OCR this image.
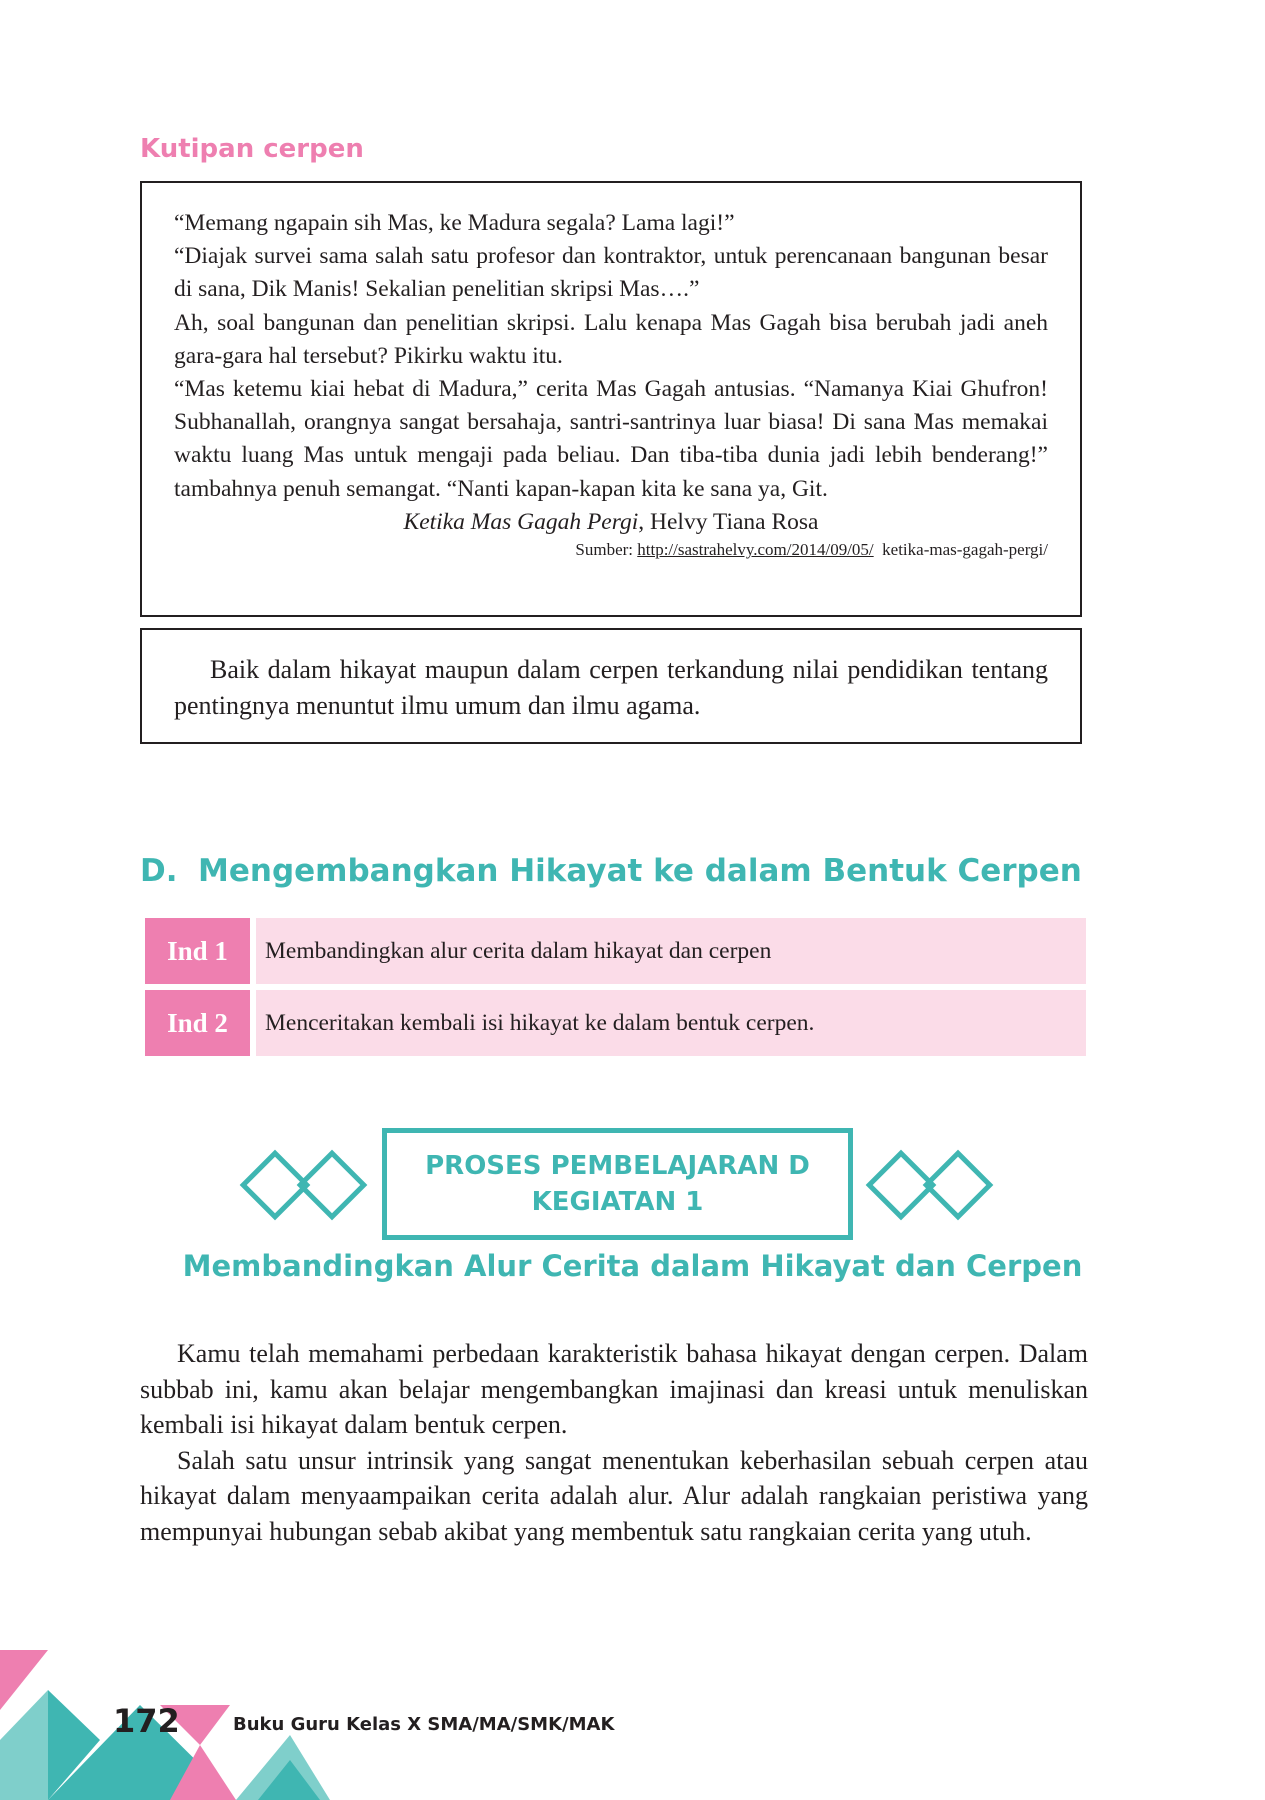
Kutipan cerpen

“Memang ngapain sih Mas, ke Madura segala? Lama lagi!”

“Diajak survei sama salah satu profesor dan kontraktor, untuk perencanaan bangunan besar di sana, Dik Manis! Sekalian penelitian skripsi Mas….”

Ah, soal bangunan dan penelitian skripsi. Lalu kenapa Mas Gagah bisa berubah jadi aneh gara-gara hal tersebut? Pikirku waktu itu.

“Mas ketemu kiai hebat di Madura,” cerita Mas Gagah antusias. “Namanya Kiai Ghufron! Subhanallah, orangnya sangat bersahaja, santri-santrinya luar biasa! Di sana Mas memakai waktu luang Mas untuk mengaji pada beliau. Dan tiba-tiba dunia jadi lebih benderang!” tambahnya penuh semangat. “Nanti kapan-kapan kita ke sana ya, Git.

Ketika Mas Gagah Pergi, Helvy Tiana Rosa

Sumber: http://sastrahelvy.com/2014/09/05/  ketika-mas-gagah-pergi/

Baik dalam hikayat maupun dalam cerpen terkandung nilai pendidikan tentang pentingnya menuntut ilmu umum dan ilmu agama.

D. Mengembangkan Hikayat ke dalam Bentuk Cerpen
Ind 1	Membandingkan alur cerita dalam hikayat dan cerpen
Ind 2	Menceritakan kembali isi hikayat ke dalam bentuk cerpen.
PROSES PEMBELAJARAN D
KEGIATAN 1
Membandingkan Alur Cerita dalam Hikayat dan Cerpen

Kamu telah memahami perbedaan karakteristik bahasa hikayat dengan cerpen. Dalam subbab ini, kamu akan belajar mengembangkan imajinasi dan kreasi untuk menuliskan kembali isi hikayat dalam bentuk cerpen.

Salah satu unsur intrinsik yang sangat menentukan keberhasilan sebuah cerpen atau hikayat dalam menyaampaikan cerita adalah alur. Alur adalah rangkaian peristiwa yang mempunyai hubungan sebab akibat yang membentuk satu rangkaian cerita yang utuh.

172	Buku Guru Kelas X SMA/MA/SMK/MAK
